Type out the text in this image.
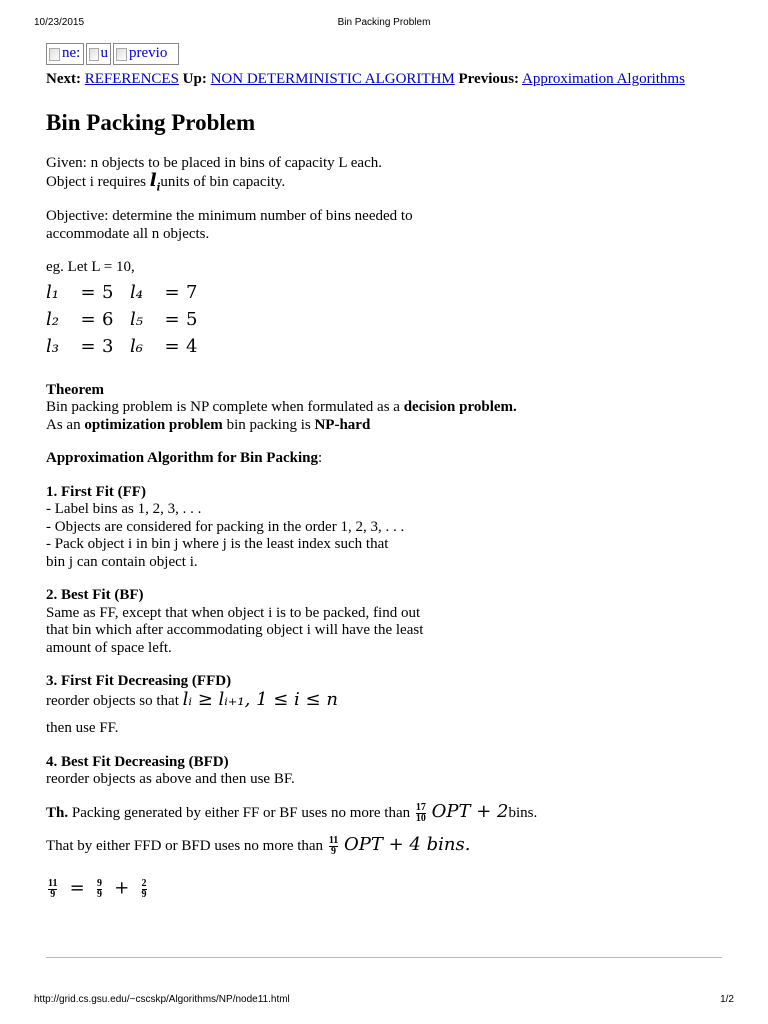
10/23/2015	Bin Packing Problem
ne: u previo
Next: REFERENCES Up: NON DETERMINISTIC ALGORITHM Previous: Approximation Algorithms
Bin Packing Problem

Given: n objects to be placed in bins of capacity L each.

Object i requires $l_iunits$ of bin capacity.

Objective: determine the minimum number of bins needed to

accommodate all n objects.

eg. Let L = 10,

l₁ = 5 l₄ = 7
l₂ = 6 l₅ = 5
l₃ = 3 l₆ = 4

Theorem

Bin packing problem is NP complete when formulated as a decision problem.

As an optimization problem bin packing is NP-hard

Approximation Algorithm for Bin Packing:

1. First Fit (FF)

- Label bins as 1, 2, 3, . . .

- Objects are considered for packing in the order 1, 2, 3, . . .

- Pack object i in bin j where j is the least index such that

bin j can contain object i.

2. Best Fit (BF)

Same as FF, except that when object i is to be packed, find out

that bin which after accommodating object i will have the least

amount of space left.

3. First Fit Decreasing (FFD)

reorder objects so that lᵢ ≥ lᵢ₊₁, 1 ≤ i ≤ n

then use FF.

4. Best Fit Decreasing (BFD)

reorder objects as above and then use BF.

Th. Packing generated by either FF or BF uses no more than $\frac{17}{10}$ OPT + 2bins.

That by either FFD or BFD uses no more than $\frac{11}{9}$ OPT + 4 bins.

$\frac{11}{9} = \frac{9}{9} + \frac{2}{9}$

http://grid.cs.gsu.edu/~cscskp/Algorithms/NP/node11.html	1/2
